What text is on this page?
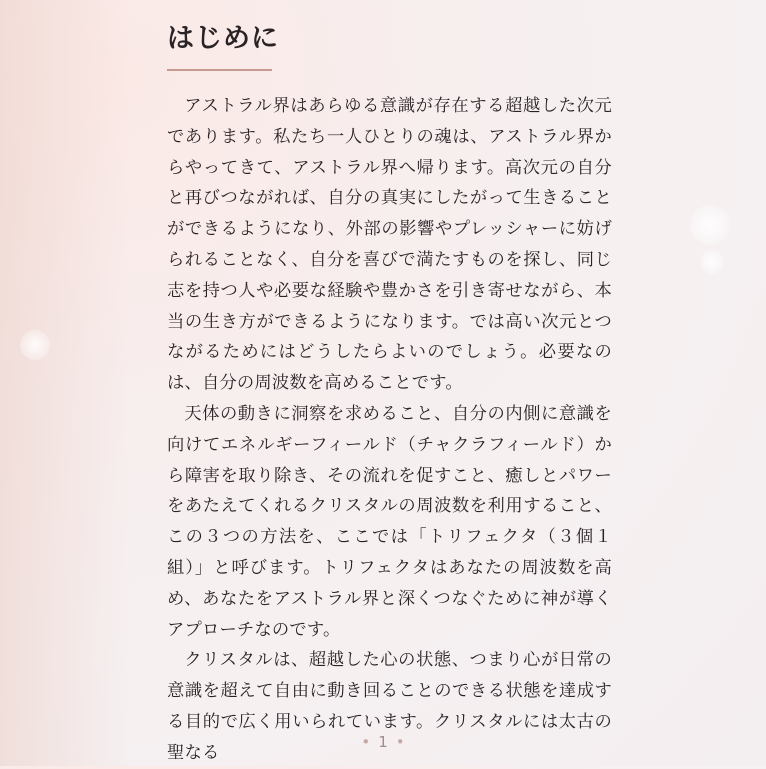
はじめに

アストラル界はあらゆる意識が存在する超越した次元であります。私たち一人ひとりの魂は、アストラル界からやってきて、アストラル界へ帰ります。高次元の自分と再びつながれば、自分の真実にしたがって生きることができるようになり、外部の影響やプレッシャーに妨げられることなく、自分を喜びで満たすものを探し、同じ志を持つ人や必要な経験や豊かさを引き寄せながら、本当の生き方ができるようになります。では高い次元とつながるためにはどうしたらよいのでしょう。必要なのは、自分の周波数を高めることです。

天体の動きに洞察を求めること、自分の内側に意識を向けてエネルギーフィールド（チャクラフィールド）から障害を取り除き、その流れを促すこと、癒しとパワーをあたえてくれるクリスタルの周波数を利用すること、この３つの方法を、ここでは「トリフェクタ（３個１組）」と呼びます。トリフェクタはあなたの周波数を高め、あなたをアストラル界と深くつなぐために神が導くアプローチなのです。

クリスタルは、超越した心の状態、つまり心が日常の意識を超えて自由に動き回ることのできる状態を達成する目的で広く用いられています。クリスタルには太古の聖なる

• 1 •
